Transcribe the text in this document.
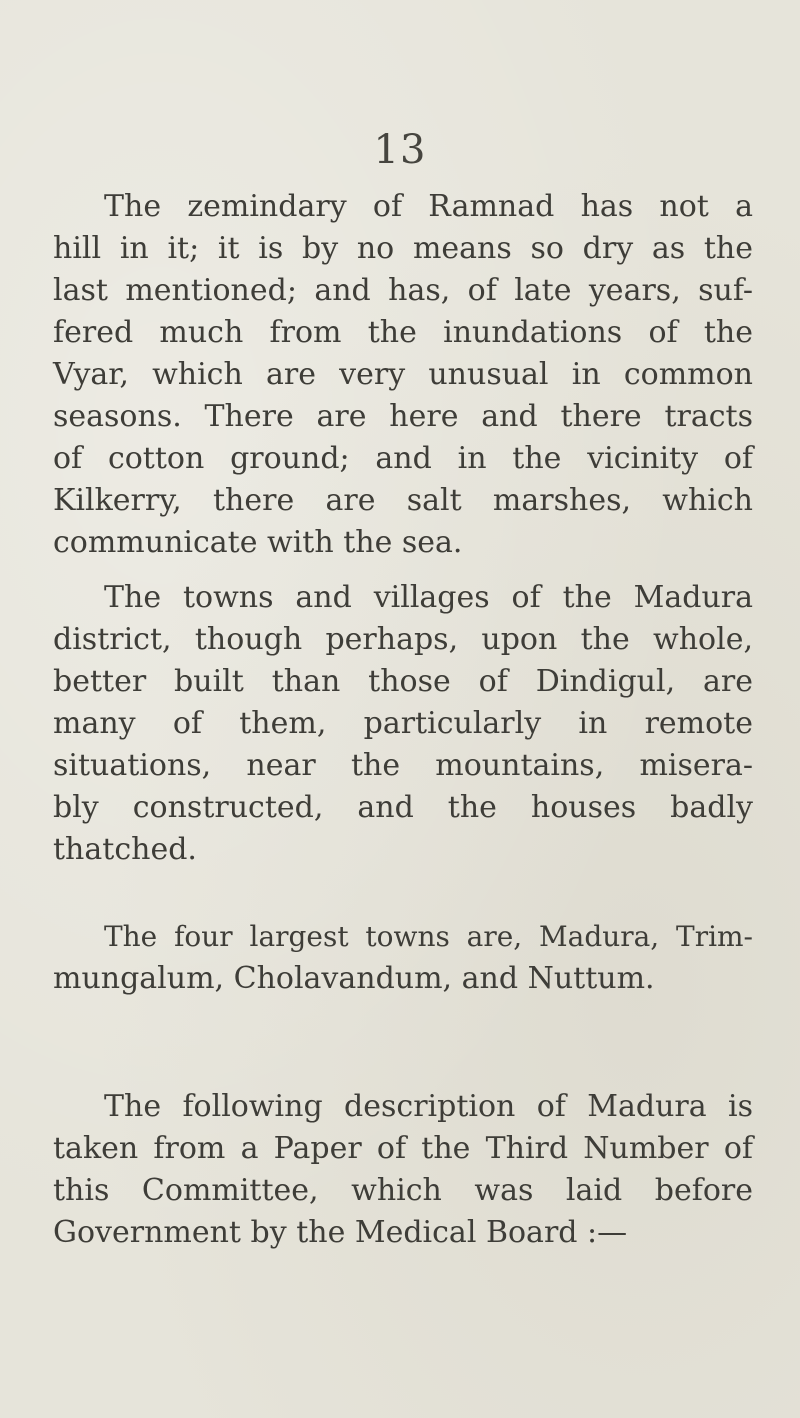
13
The zemindary of Ramnad has not a
hill in it; it is by no means so dry as the
last mentioned; and has, of late years, suf-
fered much from the inundations of the
Vyar, which are very unusual in common
seasons. There are here and there tracts
of cotton ground; and in the vicinity of
Kilkerry, there are salt marshes, which
communicate with the sea.
The towns and villages of the Madura
district, though perhaps, upon the whole,
better built than those of Dindigul, are
many of them, particularly in remote
situations, near the mountains, misera-
bly constructed, and the houses badly
thatched.
The four largest towns are, Madura, Trim-
mungalum, Cholavandum, and Nuttum.
The following description of Madura is
taken from a Paper of the Third Number of
this Committee, which was laid before
Government by the Medical Board :—
